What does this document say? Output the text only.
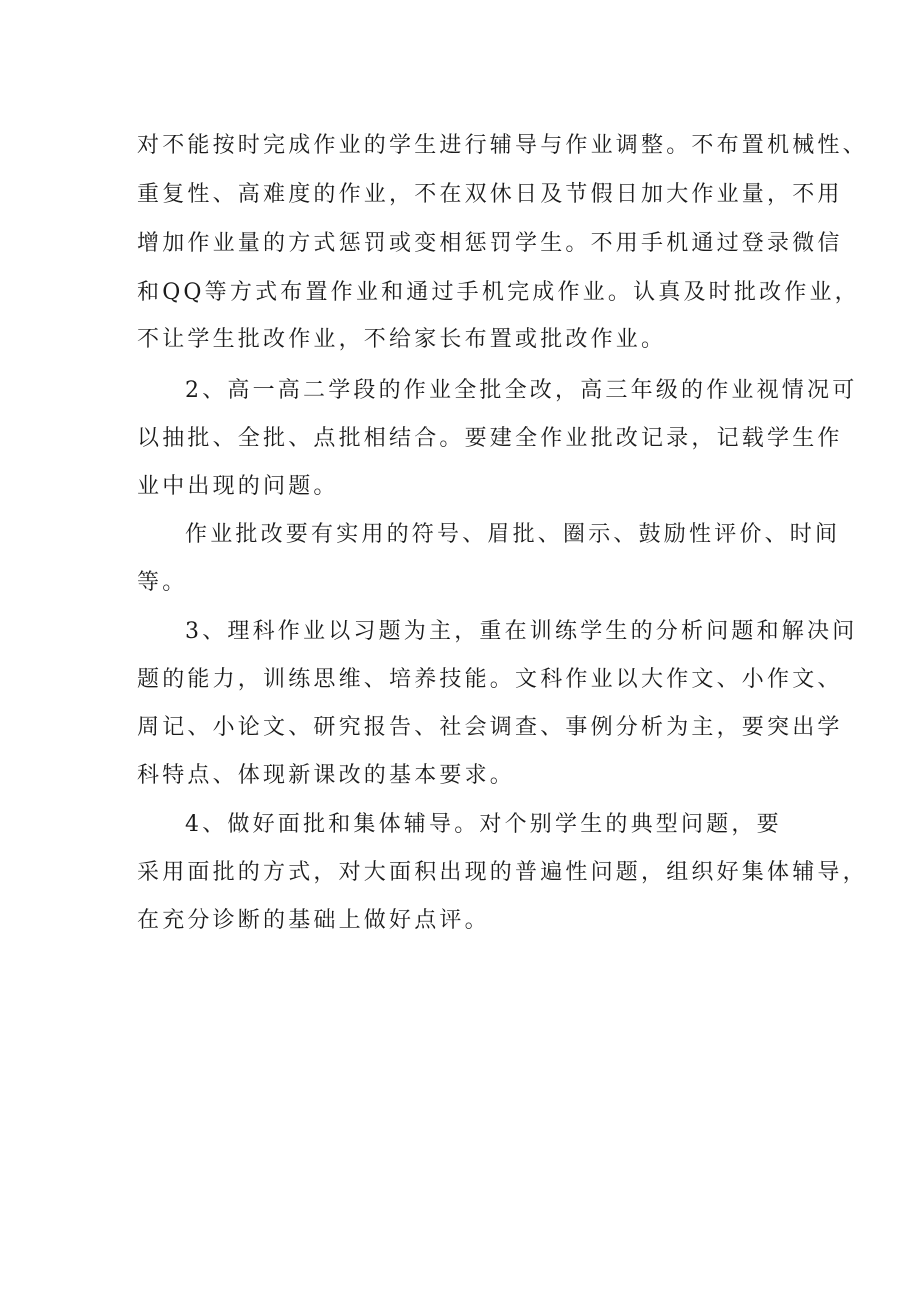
对不能按时完成作业的学生进行辅导与作业调整。不布置机械性、
重复性、高难度的作业，不在双休日及节假日加大作业量，不用
增加作业量的方式惩罚或变相惩罚学生。不用手机通过登录微信
和QQ等方式布置作业和通过手机完成作业。认真及时批改作业，
不让学生批改作业，不给家长布置或批改作业。
2、高一高二学段的作业全批全改，高三年级的作业视情况可
以抽批、全批、点批相结合。要建全作业批改记录，记载学生作
业中出现的问题。
作业批改要有实用的符号、眉批、圈示、鼓励性评价、时间
等。
3、理科作业以习题为主，重在训练学生的分析问题和解决问
题的能力，训练思维、培养技能。文科作业以大作文、小作文、
周记、小论文、研究报告、社会调查、事例分析为主，要突出学
科特点、体现新课改的基本要求。
4、做好面批和集体辅导。对个别学生的典型问题，要
采用面批的方式，对大面积出现的普遍性问题，组织好集体辅导，
在充分诊断的基础上做好点评。
